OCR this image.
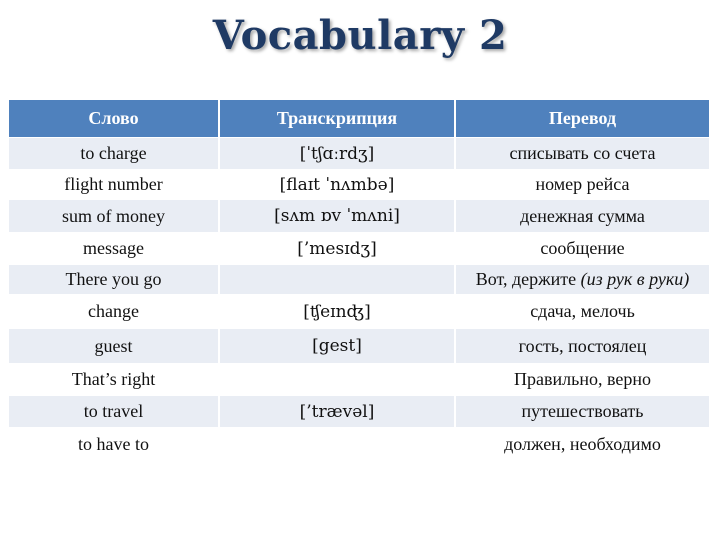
Vocabulary 2
Слово	Транскрипция	Перевод
to charge	[ˈtʃɑːrdʒ]	списывать со счета
flight number	[flaɪt ˈnʌmbə]	номер рейса
sum of money	[sʌm ɒv ˈmʌni]	денежная сумма
message	[’mesɪdʒ]	сообщение
There you go		Вот, держите (из рук в руки)
change	[ʧeɪnʤ]	сдача, мелочь
guest	[gest]	гость, постоялец
That’s right		Правильно, верно
to travel	[’trævəl]	путешествовать
to have to		должен, необходимо
